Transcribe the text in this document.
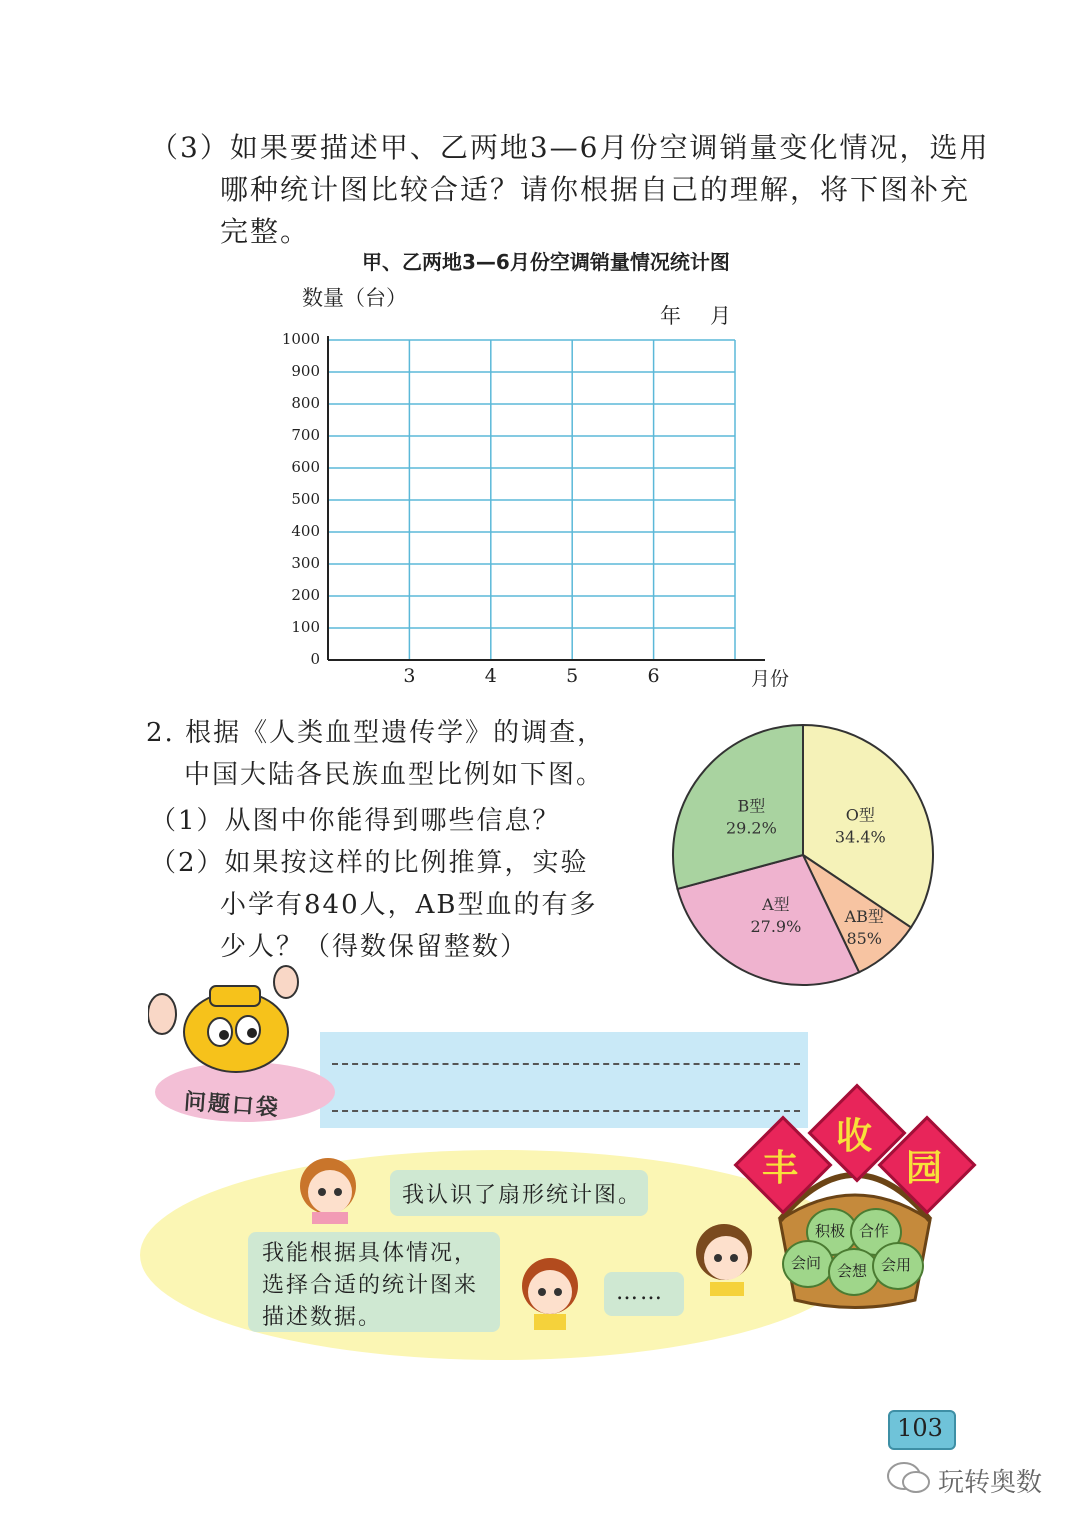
（3）如果要描述甲、乙两地3—6月份空调销量变化情况，选用
哪种统计图比较合适？请你根据自己的理解，将下图补充
完整。
甲、乙两地3—6月份空调销量情况统计图
数量（台）
年　月
月份
1000
900
800
700
600
500
400
300
200
100
0
3	4	5	6
2. 根据《人类血型遗传学》的调查，
中国大陆各民族血型比例如下图。
（1）从图中你能得到哪些信息？
（2）如果按这样的比例推算，实验
小学有840人，AB型血的有多
少人？（得数保留整数）
O型
34.4%
AB型
85%
A型
27.9%
B型
29.2%
问题口袋
我认识了扇形统计图。
我能根据具体情况，
选择合适的统计图来
描述数据。
……
丰
收
园
积极 合作
会问	会想 会用
103
玩转奥数
